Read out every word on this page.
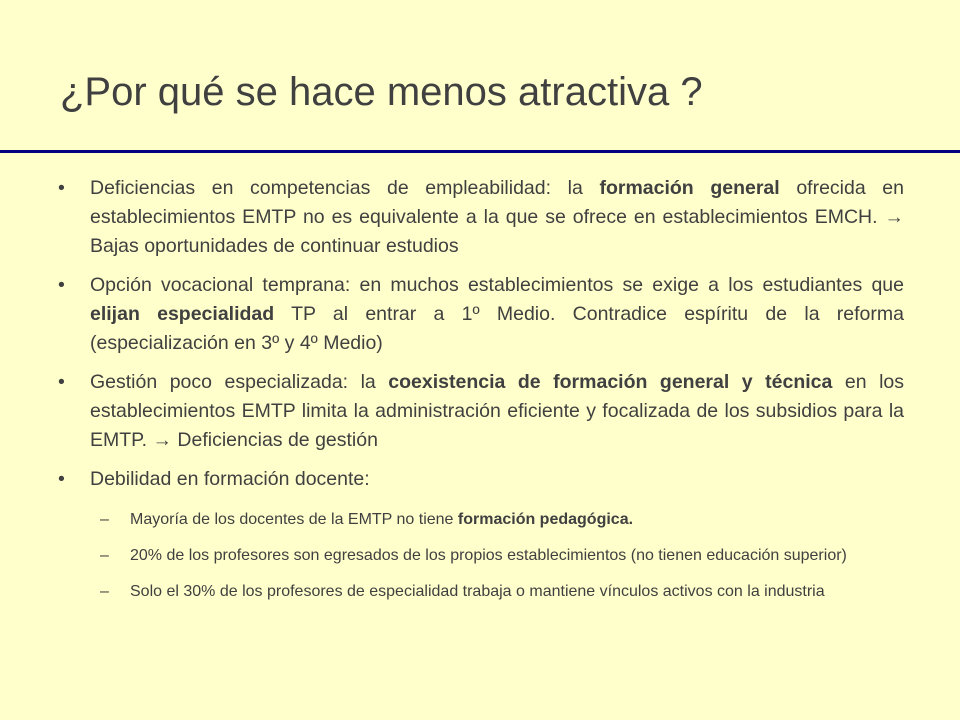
¿Por qué se hace menos atractiva ?
•	Deficiencias en competencias de empleabilidad: la formación general ofrecida en establecimientos EMTP no es equivalente a la que se ofrece en establecimientos EMCH. → Bajas oportunidades de continuar estudios
•	Opción vocacional temprana: en muchos establecimientos se exige a los estudiantes que elijan especialidad TP al entrar a 1º Medio. Contradice espíritu de la reforma (especialización en 3º y 4º Medio)
•	Gestión poco especializada: la coexistencia de formación general y técnica en los establecimientos EMTP limita la administración eficiente y focalizada de los subsidios para la EMTP. → Deficiencias de gestión
•	Debilidad en formación docente:
– Mayoría de los docentes de la EMTP no tiene formación pedagógica.
– 20% de los profesores son egresados de los propios establecimientos (no tienen educación superior)
– Solo el 30% de los profesores de especialidad trabaja o mantiene vínculos activos con la industria
